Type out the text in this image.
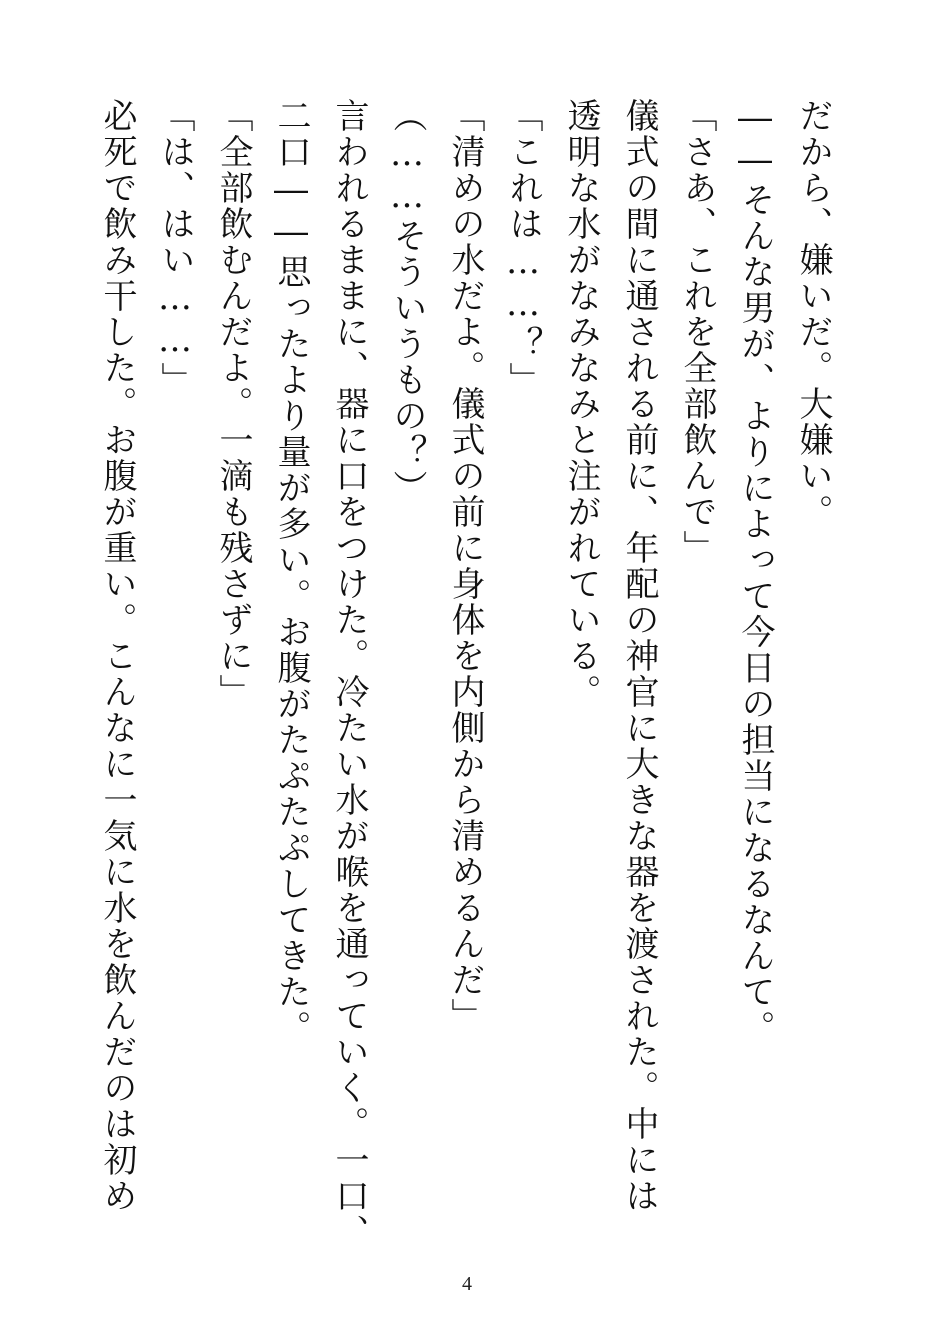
だから、嫌いだ。大嫌い。
――そんな男が、よりによって今日の担当になるなんて。
「さあ、これを全部飲んで」
儀式の間に通される前に、年配の神官に大きな器を渡された。中には
透明な水がなみなみと注がれている。
「これは……？」
「清めの水だよ。儀式の前に身体を内側から清めるんだ」
（……そういうもの？）
言われるままに、器に口をつけた。冷たい水が喉を通っていく。一口、
二口――思ったより量が多い。お腹がたぷたぷしてきた。
「全部飲むんだよ。一滴も残さずに」
「は、はい……」
必死で飲み干した。お腹が重い。こんなに一気に水を飲んだのは初め
4
